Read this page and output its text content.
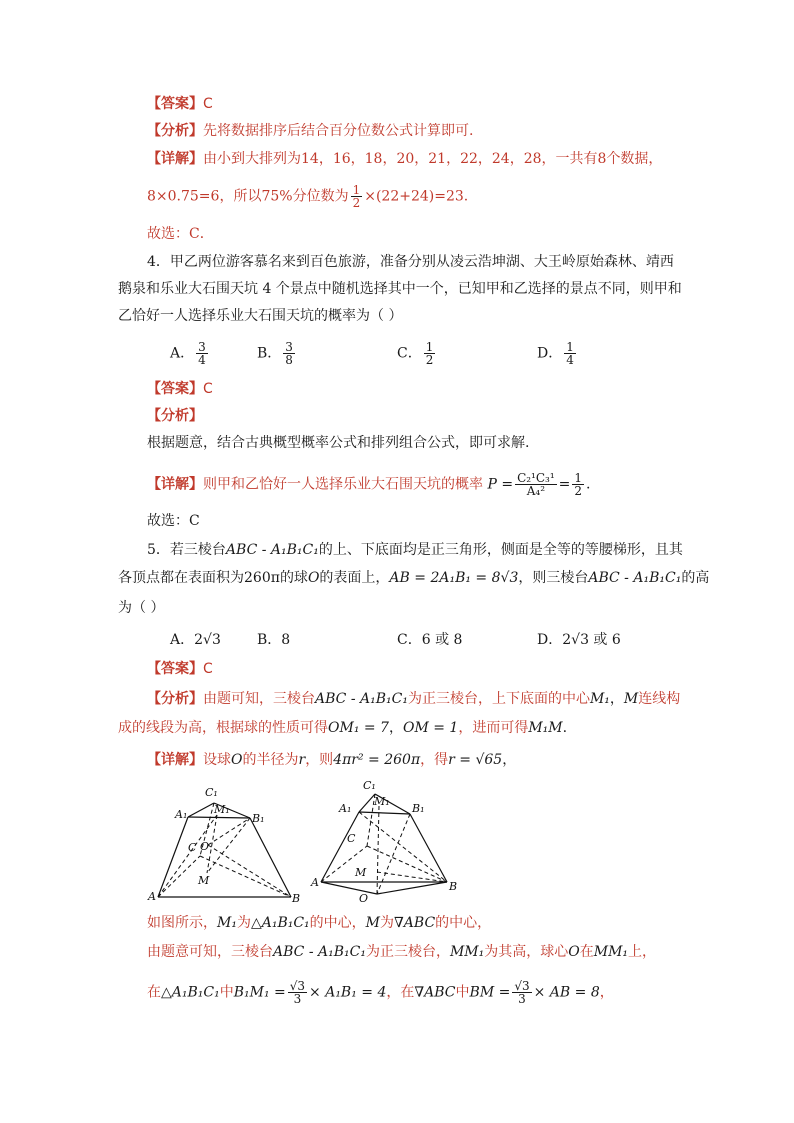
【答案】C
【分析】先将数据排序后结合百分位数公式计算即可.
【详解】由小到大排列为14，16，18，20，21，22，24，28，一共有8个数据，
8×0.75=6，所以75%分位数为 $\frac{1}{2} \times(22+24)=23$.
故选：C．
4．甲乙两位游客慕名来到百色旅游，准备分别从凌云浩坤湖、大王岭原始森林、靖西
鹅泉和乐业大石围天坑 4 个景点中随机选择其中一个，已知甲和乙选择的景点不同，则甲和
乙恰好一人选择乐业大石围天坑的概率为（ ）
A． $\frac{3}{4}$	B． $\frac{3}{8}$	C． $\frac{1}{2}$	D． $\frac{1}{4}$
【答案】C
【分析】
根据题意，结合古典概型概率公式和排列组合公式，即可求解.
【详解】则甲和乙恰好一人选择乐业大石围天坑的概率 $P = \frac{\text{C₂¹C₃¹}}{\text{A₄²}} = \frac{1}{2}$ .
故选：C
5．若三棱台ABC - A₁B₁C₁的上、下底面均是正三角形，侧面是全等的等腰梯形，且其
各顶点都在表面积为260π的球O的表面上，AB = 2A₁B₁ = 8√3，则三棱台ABC - A₁B₁C₁的高
为（ ）
A．2√3	B．8	C．6 或 8	D．2√3 或 6
【答案】C
【分析】由题可知，三棱台ABC - A₁B₁C₁为正三棱台，上下底面的中心M₁，M连线构
成的线段为高，根据球的性质可得OM₁ = 7，OM = 1，进而可得M₁M.
【详解】设球O的半径为r，则4πr² = 260π，得r = √65，
C₁
A₁ M₁
B₁
C O
M
A	B
C₁
A₁
M₁
B₁
C
M
A
O
B
如图所示，M₁为△A₁B₁C₁的中心，M为∇ABC的中心，
由题意可知，三棱台ABC - A₁B₁C₁为正三棱台，MM₁为其高，球心O在MM₁上，
在△A₁B₁C₁中$B_1M_1 = \frac{√3}{3} \times A_1B_1 = 4$，在∇ABC中BM = $\frac{√3}{3}$ × AB = 8，
